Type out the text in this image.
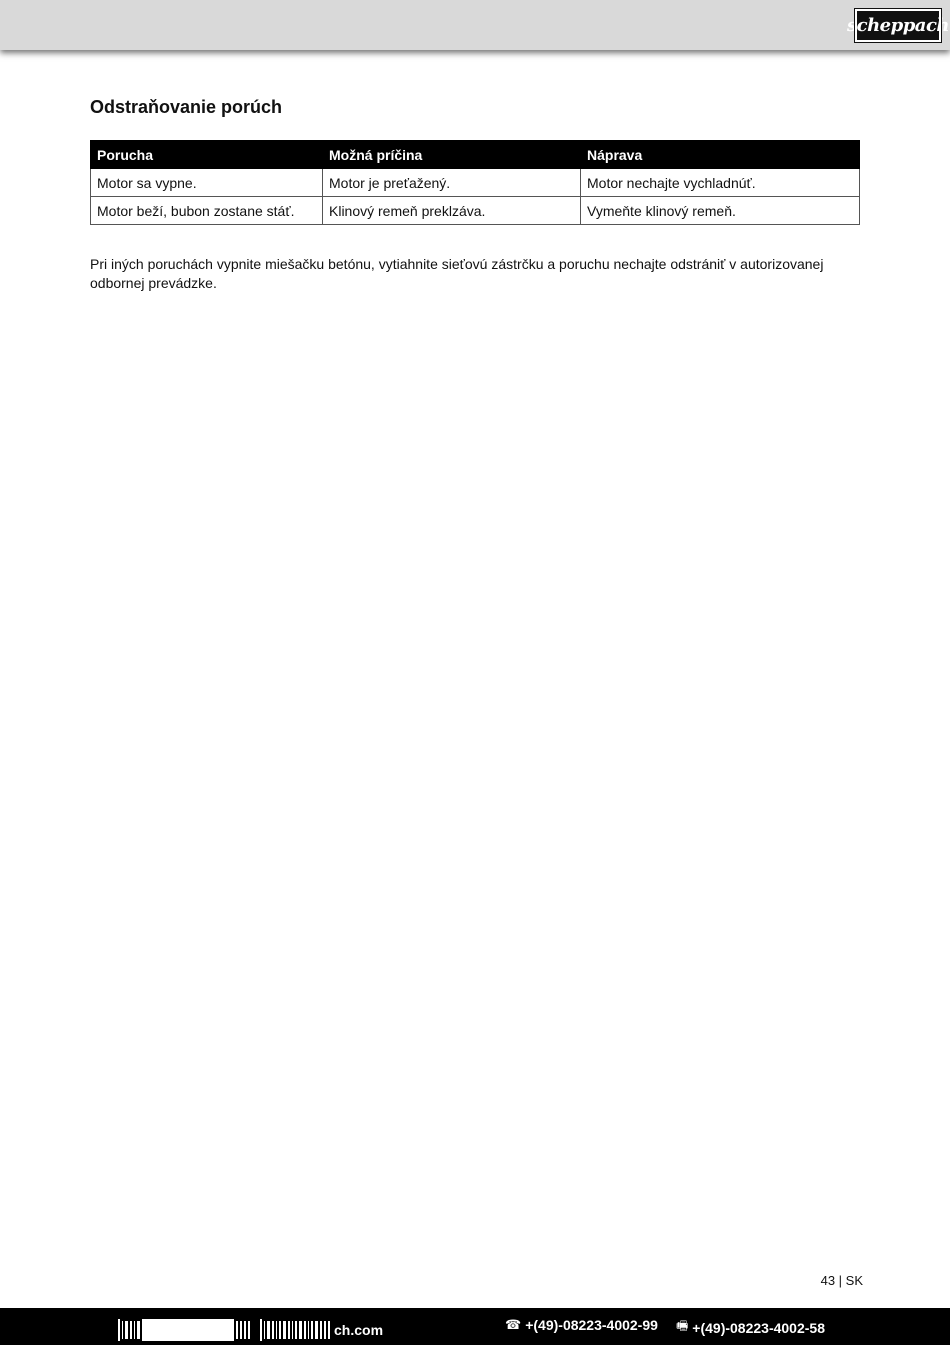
scheppach
Odstraňovanie porúch
Porucha	Možná príčina	Náprava
Motor sa vypne.	Motor je preťažený.	Motor nechajte vychladnúť.
Motor beží, bubon zostane stáť.	Klinový remeň preklzáva.	Vymeňte klinový remeň.

Pri iných poruchách vypnite miešačku betónu, vytiahnite sieťovú zástrčku a poruchu nechajte odstrániť v autorizovanej odbornej prevádzke.

43 | SK
ch.com	☎ +(49)-08223-4002-99 🖷 +(49)-08223-4002-58
